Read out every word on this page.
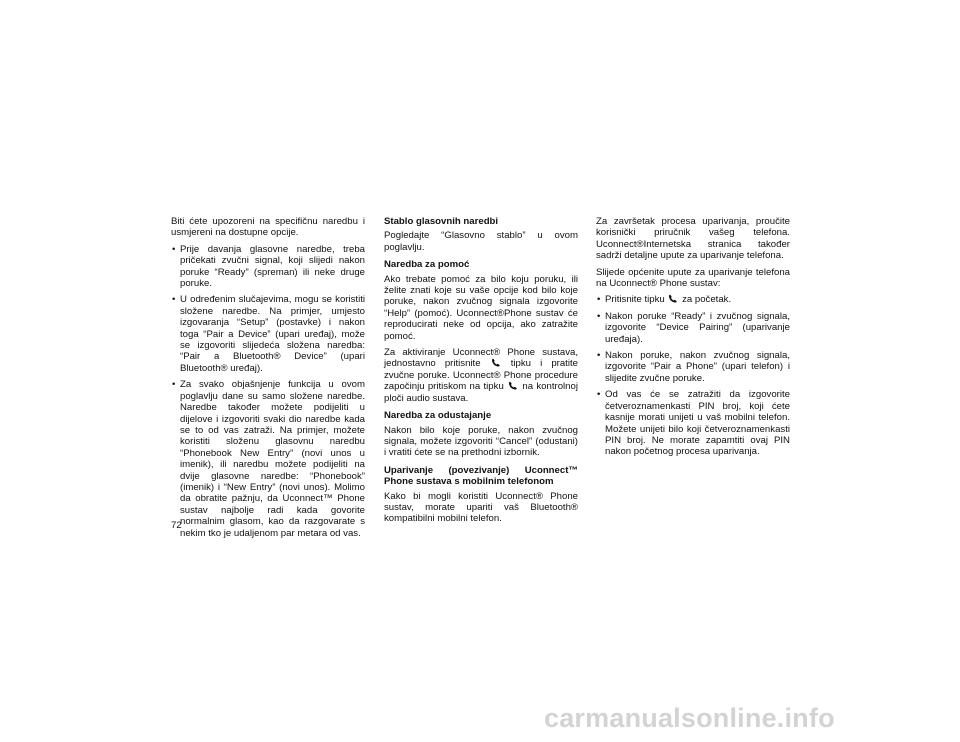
Biti ćete upozoreni na specifičnu naredbu i usmjereni na dostupne opcije.

• Prije davanja glasovne naredbe, treba pričekati zvučni signal, koji slijedi nakon poruke “Ready” (spreman) ili neke druge poruke.
• U određenim slučajevima, mogu se koristiti složene naredbe. Na primjer, umjesto izgovaranja “Setup” (postavke) i nakon toga “Pair a Device” (upari uređaj), može se izgovoriti slijedeća složena naredba: “Pair a Bluetooth® Device” (upari Bluetooth® uređaj).
• Za svako objašnjenje funkcija u ovom poglavlju dane su samo složene naredbe. Naredbe također možete podijeliti u dijelove i izgovoriti svaki dio naredbe kada se to od vas zatraži. Na primjer, možete koristiti složenu glasovnu naredbu “Phonebook New Entry” (novi unos u imenik), ili naredbu možete podijeliti na dvije glasovne naredbe: “Phonebook” (imenik) i “New Entry” (novi unos). Molimo da obratite pažnju, da Uconnect™ Phone sustav najbolje radi kada govorite normalnim glasom, kao da razgovarate s nekim tko je udaljenom par metara od vas.
Stablo glasovnih naredbi

Pogledajte “Glasovno stablo” u ovom poglavlju.

Naredba za pomoć

Ako trebate pomoć za bilo koju poruku, ili želite znati koje su vaše opcije kod bilo koje poruke, nakon zvučnog signala izgovorite “Help” (pomoć). Uconnect®Phone sustav će reproducirati neke od opcija, ako zatražite pomoć.

Za aktiviranje Uconnect® Phone sustava, jednostavno pritisnite	tipku i pratite zvučne poruke. Uconnect® Phone procedure započinju pritiskom na tipku na kontrolnoj ploči audio sustava.

Naredba za odustajanje

Nakon bilo koje poruke, nakon zvučnog signala, možete izgovoriti “Cancel” (odustani) i vratiti ćete se na prethodni izbornik.

Uparivanje (povezivanje) Uconnect™ Phone sustava s mobilnim telefonom

Kako bi mogli koristiti Uconnect® Phone sustav, morate upariti vaš Bluetooth® kompatibilni mobilni telefon.

Za završetak procesa uparivanja, proučite korisnički priručnik vašeg telefona. Uconnect®Internetska stranica također sadrži detaljne upute za uparivanje telefona.

Slijede općenite upute za uparivanje telefona na Uconnect® Phone sustav:

• Pritisnite tipku za početak.
• Nakon poruke “Ready” i zvučnog signala, izgovorite “Device Pairing” (uparivanje uređaja).
• Nakon poruke, nakon zvučnog signala, izgovorite “Pair a Phone” (upari telefon) i slijedite zvučne poruke.
• Od vas će se zatražiti da izgovorite četveroznamenkasti PIN broj, koji ćete kasnije morati unijeti u vaš mobilni telefon. Možete unijeti bilo koji četveroznamenkasti PIN broj. Ne morate zapamtiti ovaj PIN nakon početnog procesa uparivanja.
72
carmanualsonline.info
